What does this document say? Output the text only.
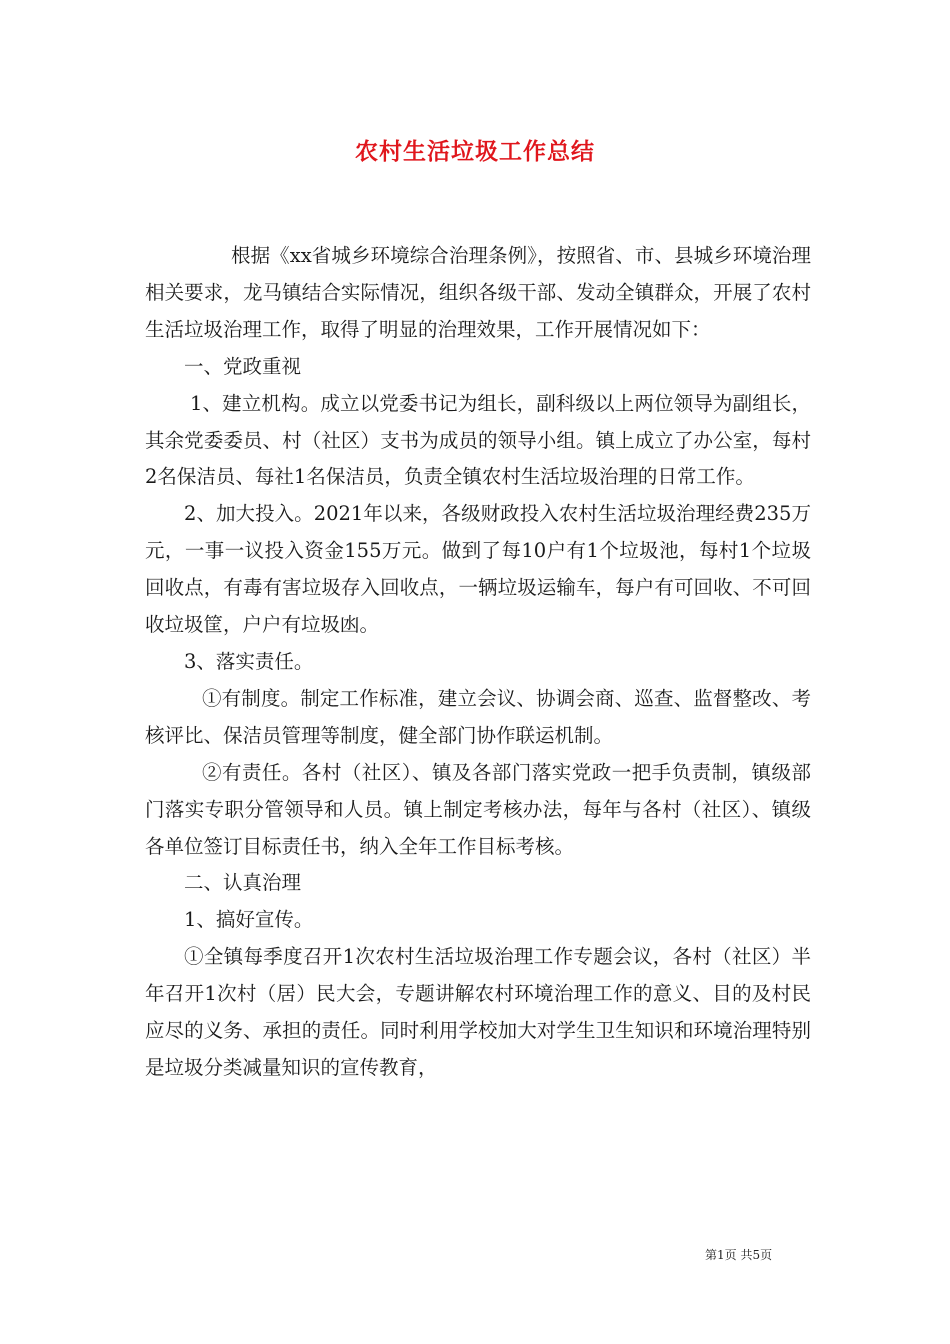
农村生活垃圾工作总结

根据《xx省城乡环境综合治理条例》，按照省、市、县城乡环境治理相关要求，龙马镇结合实际情况，组织各级干部、发动全镇群众，开展了农村生活垃圾治理工作，取得了明显的治理效果，工作开展情况如下：

一、党政重视

1、建立机构。成立以党委书记为组长，副科级以上两位领导为副组长，其余党委委员、村（社区）支书为成员的领导小组。镇上成立了办公室，每村2名保洁员、每社1名保洁员，负责全镇农村生活垃圾治理的日常工作。

2、加大投入。2021年以来，各级财政投入农村生活垃圾治理经费235万元，一事一议投入资金155万元。做到了每10户有1个垃圾池，每村1个垃圾回收点，有毒有害垃圾存入回收点，一辆垃圾运输车，每户有可回收、不可回收垃圾筐，户户有垃圾凼。

3、落实责任。

①有制度。制定工作标准，建立会议、协调会商、巡查、监督整改、考核评比、保洁员管理等制度，健全部门协作联运机制。

②有责任。各村（社区）、镇及各部门落实党政一把手负责制，镇级部门落实专职分管领导和人员。镇上制定考核办法，每年与各村（社区）、镇级各单位签订目标责任书，纳入全年工作目标考核。

二、认真治理

1、搞好宣传。

①全镇每季度召开1次农村生活垃圾治理工作专题会议，各村（社区）半年召开1次村（居）民大会，专题讲解农村环境治理工作的意义、目的及村民应尽的义务、承担的责任。同时利用学校加大对学生卫生知识和环境治理特别是垃圾分类减量知识的宣传教育，

第1页 共5页
